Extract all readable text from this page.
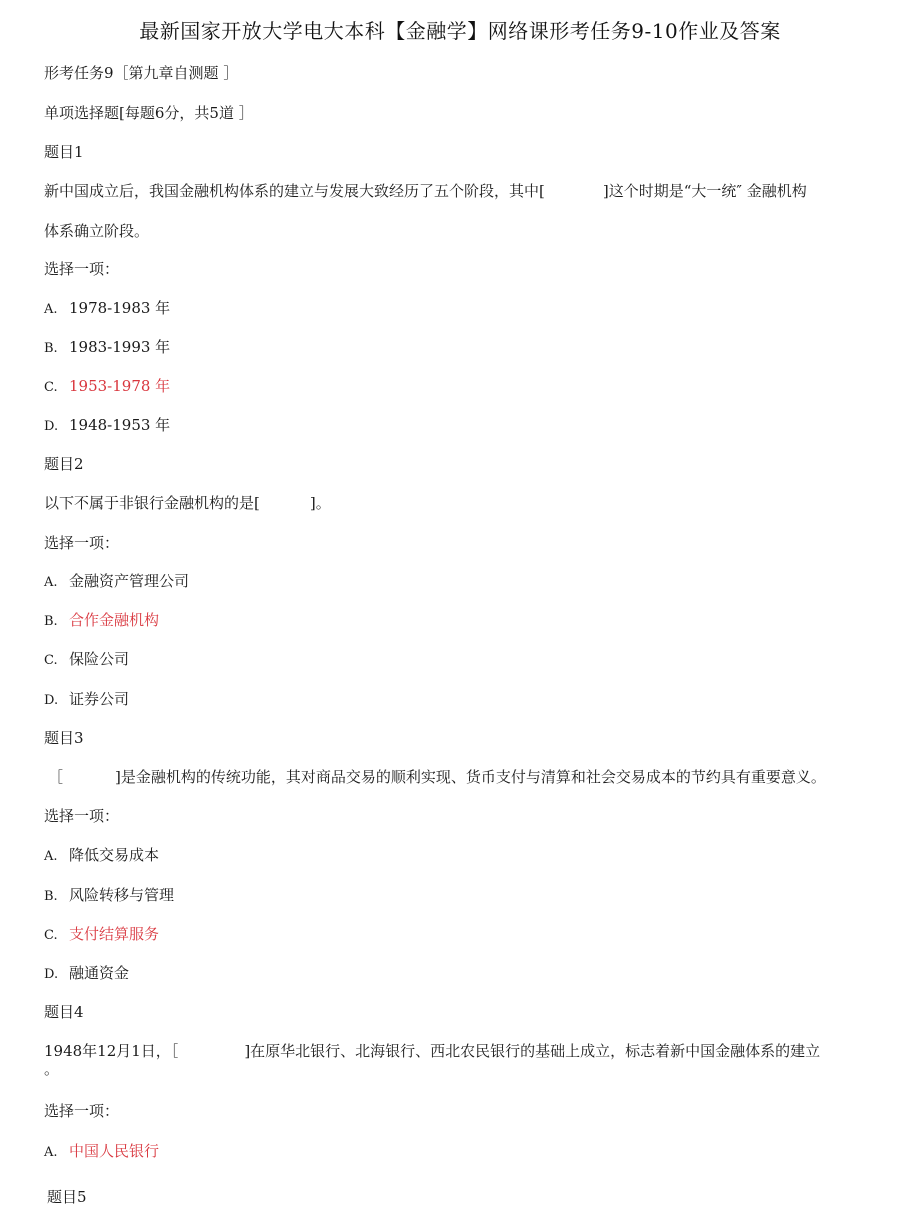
最新国家开放大学电大本科【金融学】网络课形考任务9-10作业及答案
形考任务9［第九章自测题 ］
单项选择题[每题6分，共5道 ］
题目1
新中国成立后，我国金融机构体系的建立与发展大致经历了五个阶段，其中[	]这个时期是“大一统″ 金融机构
体系确立阶段。
选择一项：
A. 1978-1983 年
B. 1983-1993 年
C. 1953-1978 年
D. 1948-1953 年
题目2
以下不属于非银行金融机构的是[	]。
选择一项：
A. 金融资产管理公司
B. 合作金融机构
C. 保险公司
D. 证券公司
题目3
［	]是金融机构的传统功能，其对商品交易的顺利实现、货币支付与清算和社会交易成本的节约具有重要意义。
选择一项：
A. 降低交易成本
B. 风险转移与管理
C. 支付结算服务
D. 融通资金
题目4
1948年12月1日，［	]在原华北银行、北海银行、西北农民银行的基础上成立，标志着新中国金融体系的建立
。
选择一项：
A. 中国人民银行
题目5
